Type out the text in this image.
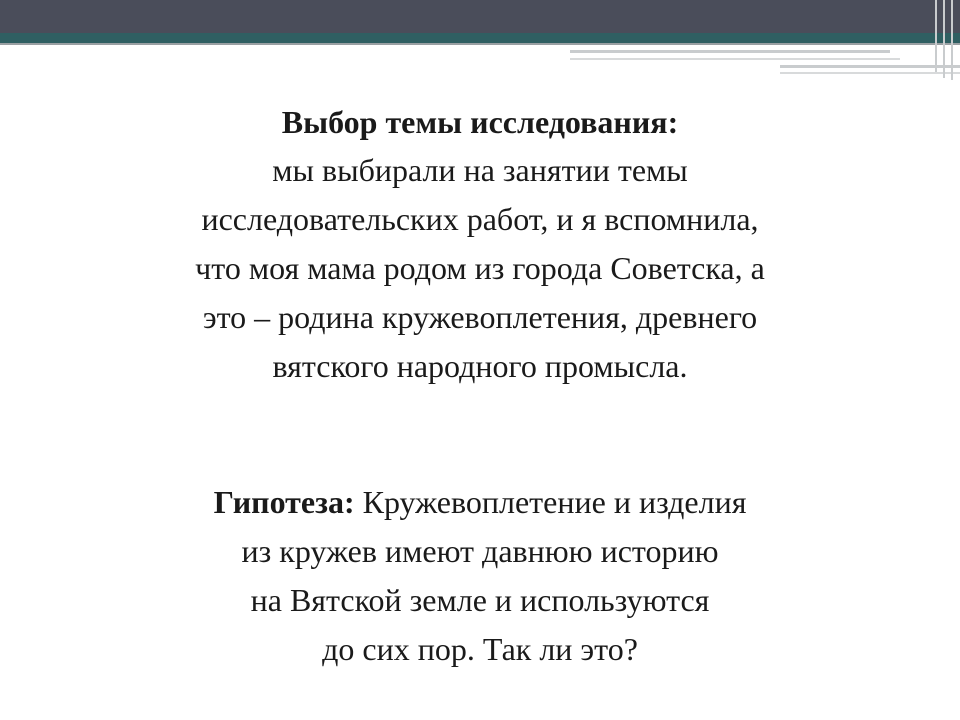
Выбор темы исследования:

мы выбирали на занятии темы

исследовательских работ, и я вспомнила,

что моя мама родом из города Советска, а

это – родина кружевоплетения, древнего

вятского народного промысла.

Гипотеза: Кружевоплетение и изделия

из кружев имеют давнюю историю

на Вятской земле и используются

до сих пор. Так ли это?
